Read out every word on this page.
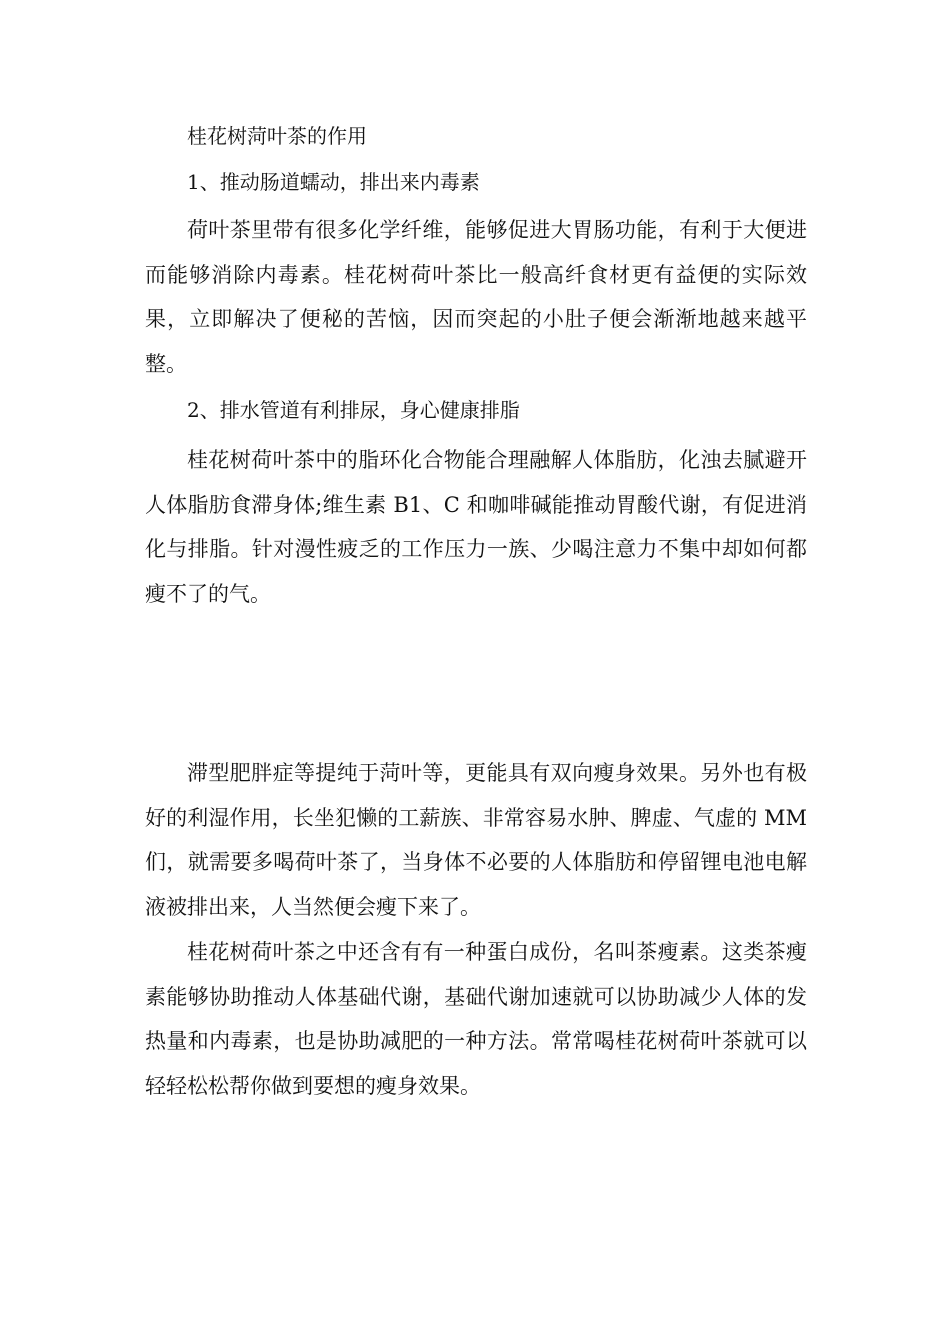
桂花树菏叶茶的作用

1、推动肠道蠕动，排出来内毒素

荷叶茶里带有很多化学纤维，能够促进大胃肠功能，有利于大便进而能够消除内毒素。桂花树荷叶茶比一般高纤食材更有益便的实际效果，立即解决了便秘的苦恼，因而突起的小肚子便会渐渐地越来越平整。

2、排水管道有利排尿，身心健康排脂

桂花树荷叶茶中的脂环化合物能合理融解人体脂肪，化浊去腻避开人体脂肪食滞身体;维生素 B1、C 和咖啡碱能推动胃酸代谢，有促进消化与排脂。针对漫性疲乏的工作压力一族、少喝注意力不集中却如何都瘦不了的气。

滞型肥胖症等提纯于菏叶等，更能具有双向瘦身效果。另外也有极好的利湿作用，长坐犯懒的工薪族、非常容易水肿、脾虚、气虚的 MM 们，就需要多喝荷叶茶了，当身体不必要的人体脂肪和停留锂电池电解液被排出来，人当然便会瘦下来了。

桂花树荷叶茶之中还含有有一种蛋白成份，名叫茶瘦素。这类茶瘦素能够协助推动人体基础代谢，基础代谢加速就可以协助减少人体的发热量和内毒素，也是协助减肥的一种方法。常常喝桂花树荷叶茶就可以轻轻松松帮你做到要想的瘦身效果。
